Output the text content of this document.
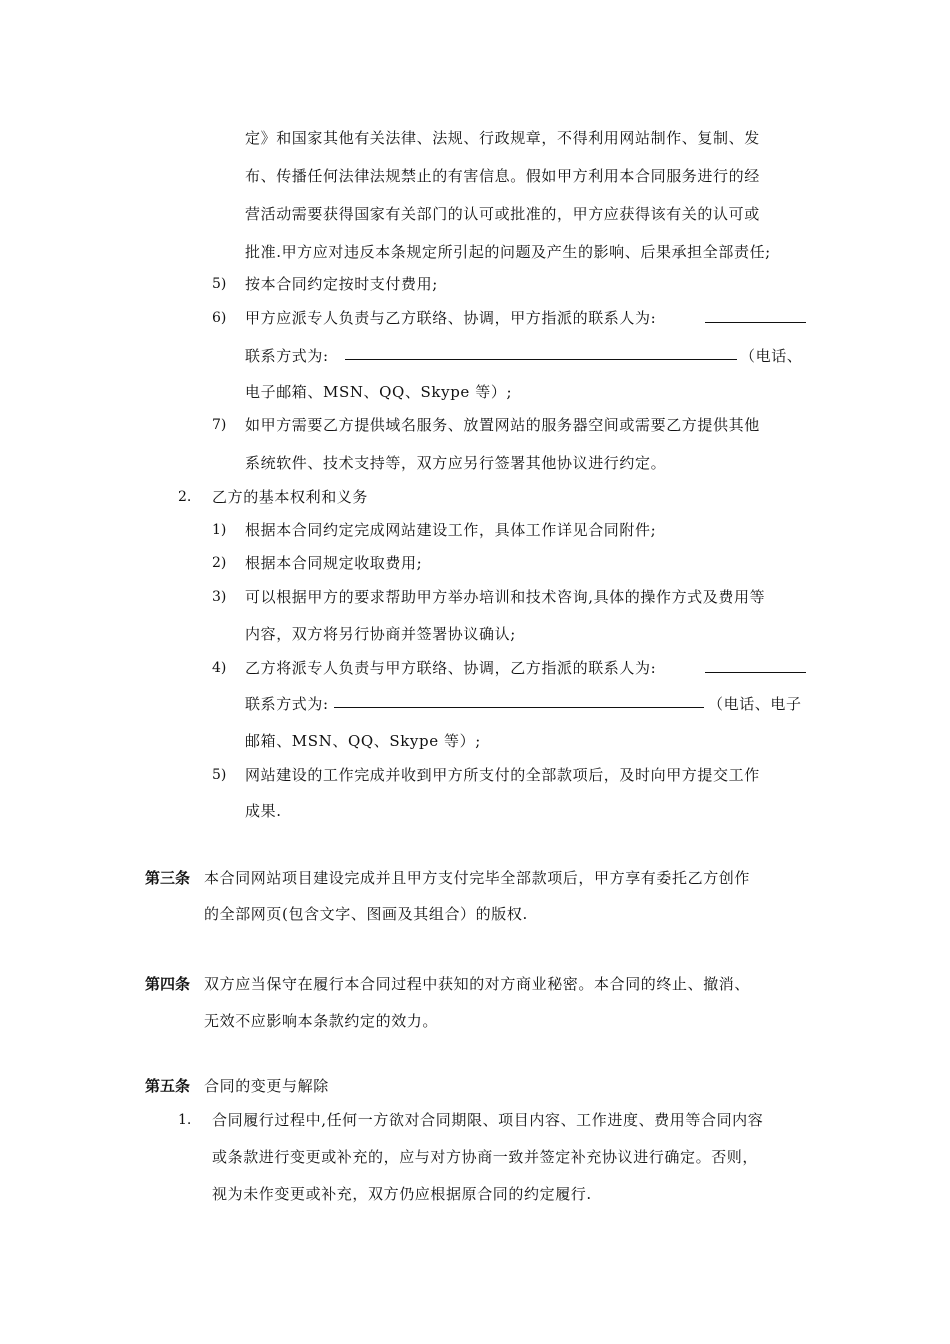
定》和国家其他有关法律、法规、行政规章，不得利用网站制作、复制、发
布、传播任何法律法规禁止的有害信息。假如甲方利用本合同服务进行的经
营活动需要获得国家有关部门的认可或批准的，甲方应获得该有关的认可或
批准.甲方应对违反本条规定所引起的问题及产生的影响、后果承担全部责任;
5) 按本合同约定按时支付费用;
6) 甲方应派专人负责与乙方联络、协调，甲方指派的联系人为:
联系方式为:	（电话、
电子邮箱、MSN、QQ、Skype 等）;
7) 如甲方需要乙方提供域名服务、放置网站的服务器空间或需要乙方提供其他
系统软件、技术支持等，双方应另行签署其他协议进行约定。
2. 乙方的基本权利和义务
1) 根据本合同约定完成网站建设工作，具体工作详见合同附件;
2) 根据本合同规定收取费用;
3) 可以根据甲方的要求帮助甲方举办培训和技术咨询,具体的操作方式及费用等
内容，双方将另行协商并签署协议确认;
4) 乙方将派专人负责与甲方联络、协调，乙方指派的联系人为:
联系方式为:	（电话、电子
邮箱、MSN、QQ、Skype 等）;
5) 网站建设的工作完成并收到甲方所支付的全部款项后，及时向甲方提交工作
成果.
第三条 本合同网站项目建设完成并且甲方支付完毕全部款项后，甲方享有委托乙方创作
的全部网页(包含文字、图画及其组合）的版权.
第四条 双方应当保守在履行本合同过程中获知的对方商业秘密。本合同的终止、撤消、
无效不应影响本条款约定的效力。
第五条 合同的变更与解除
1. 合同履行过程中,任何一方欲对合同期限、项目内容、工作进度、费用等合同内容
或条款进行变更或补充的，应与对方协商一致并签定补充协议进行确定。否则，
视为未作变更或补充，双方仍应根据原合同的约定履行.
